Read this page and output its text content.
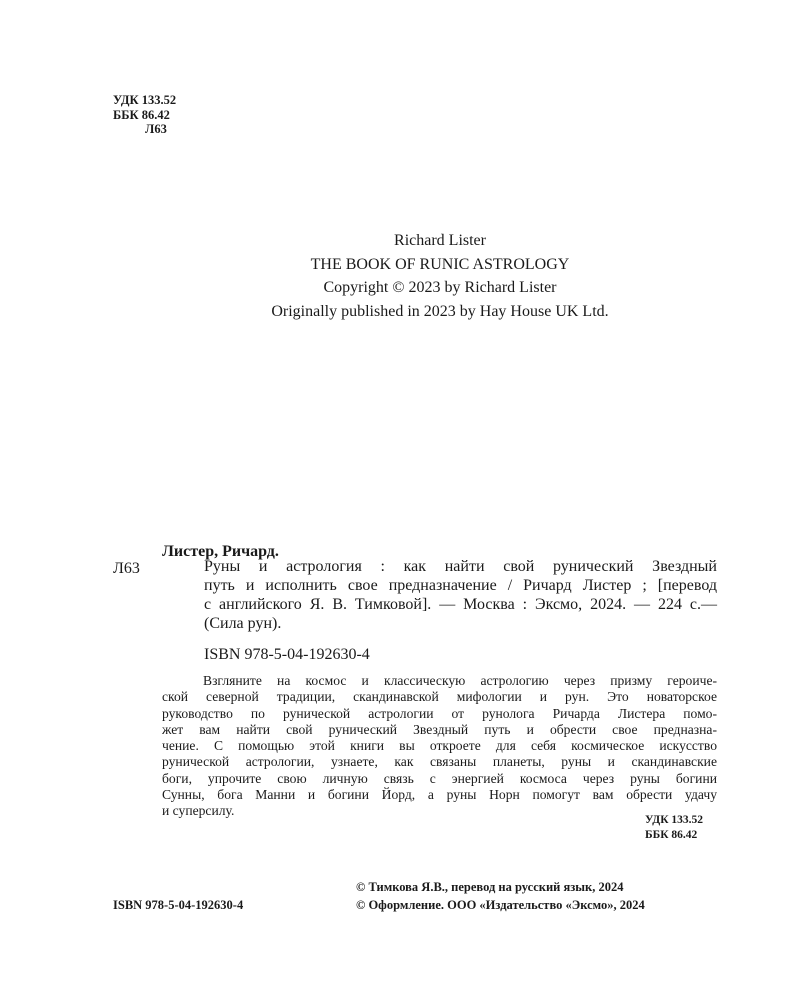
УДК 133.52
ББК 86.42
Л63
Richard Lister
THE BOOK OF RUNIC ASTROLOGY
Copyright © 2023 by Richard Lister
Originally published in 2023 by Hay House UK Ltd.
Листер, Ричард.
Л63	Руны и астрология : как найти свой рунический Звездный
путь и исполнить свое предназначение / Ричард Листер ; [перевод
с английского Я. В. Тимковой]. — Москва : Эксмо, 2024. — 224 с.—
(Сила рун).
ISBN 978-5-04-192630-4
Взгляните на космос и классическую астрологию через призму героиче-
ской северной традиции, скандинавской мифологии и рун. Это новаторское
руководство по рунической астрологии от рунолога Ричарда Листера помо-
жет вам найти свой рунический Звездный путь и обрести свое предназна-
чение. С помощью этой книги вы откроете для себя космическое искусство
рунической астрологии, узнаете, как связаны планеты, руны и скандинавские
боги, упрочите свою личную связь с энергией космоса через руны богини
Сунны, бога Манни и богини Йорд, а руны Норн помогут вам обрести удачу
и суперсилу.
УДК 133.52
ББК 86.42
© Тимкова Я.В., перевод на русский язык, 2024
© Оформление. ООО «Издательство «Эксмо», 2024
ISBN 978-5-04-192630-4
